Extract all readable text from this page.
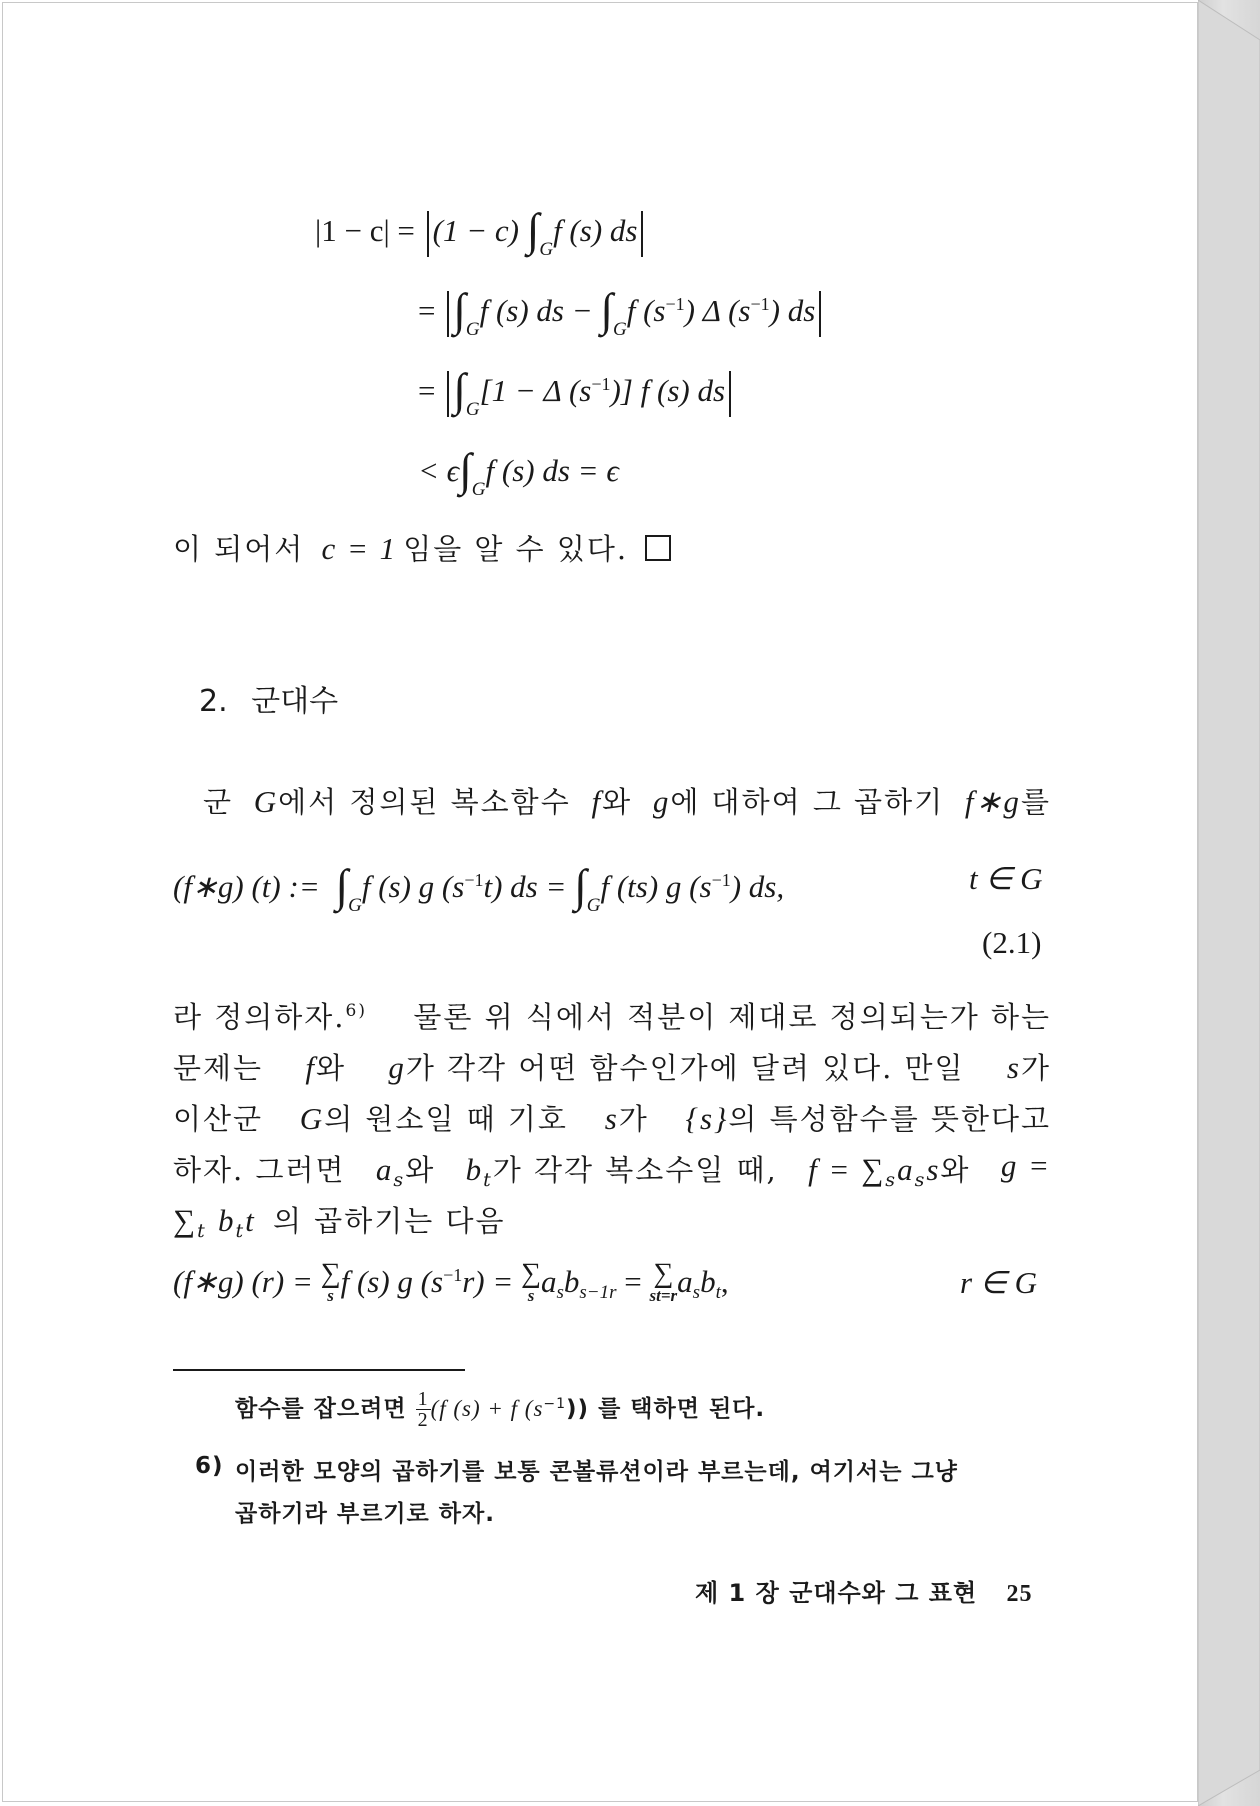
|1 − c| = (1 − c) $\int_Gf$ (s) ds
= $\int_Gf$ (s) ds − $\int_Gf$ $(s^{-1})$ Δ $(s^{-1})$ ds
= $\int_G[1 - \Delta$ $(s^{-1})$] f (s) ds
< $\epsilon\int_Gf$ (s) ds = ϵ
이 되어서 c = 1 임을 알 수 있다.
2. 군대수
군 G에서 정의된 복소함수 f와 g에 대하여 그 곱하기 f∗g를
(f∗g) (t) := $\int_Gf$ (s) g $(s^{-1}t)$ ds = $\int_Gf$ (ts) g $(s^{-1})$ ds,	t ∈ G
(2.1)
라 정의하자.$^{6)}$ 물론 위 식에서 적분이 제대로 정의되는가 하는
문제는 f와 g가 각각 어떤 함수인가에 달려 있다. 만일 s가
이산군 G의 원소일 때 기호 s가 {s}의 특성함수를 뜻한다고
하자. 그러면 $a_s$와 $b_t$가 각각 복소수일 때, $f = \sum_sa_ss$와 g =
$\sum_t$ $b_tt$ 의 곱하기는 다음
(f∗g) (r) = ∑
s f (s) g $(s^{-1}r)$ = ∑
s asbs−1r = ∑
st=r asbt,	r ∈ G
함수를 잡으려면 $\frac{1}{2} (f$ (s) + f $(s^{-1})$) 를 택하면 된다.
6) 이러한 모양의 곱하기를 보통 콘볼류션이라 부르는데, 여기서는 그냥
곱하기라 부르기로 하자.
제 1 장 군대수와 그 표현 25
